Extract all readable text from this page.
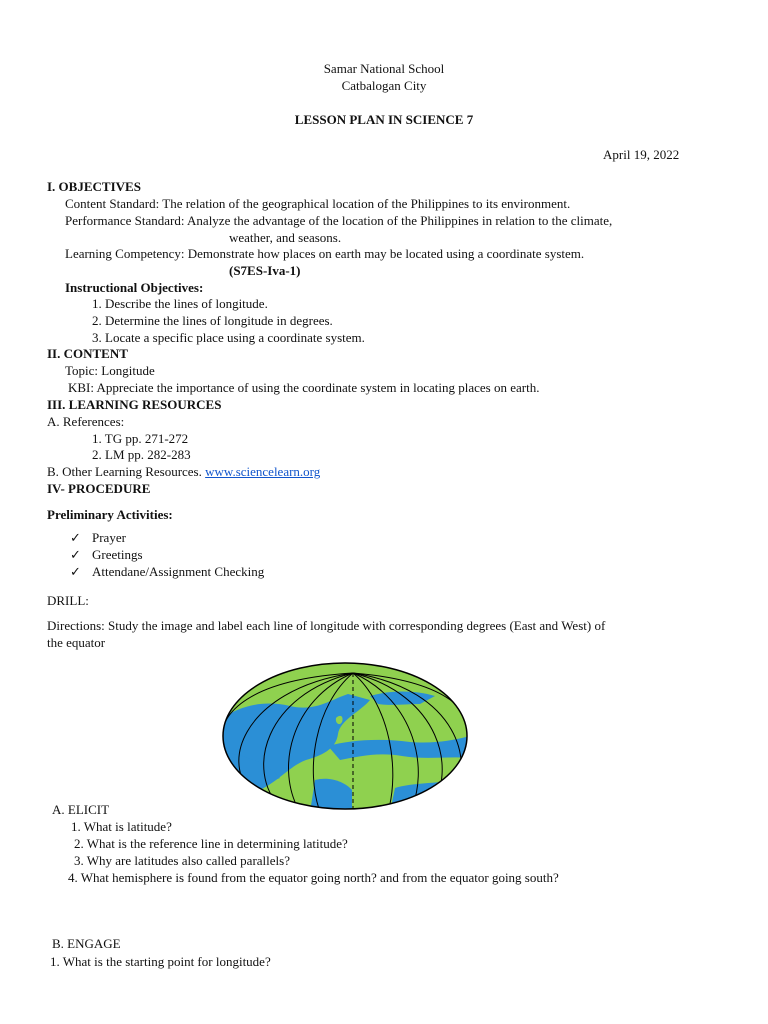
Samar National School
Catbalogan City
LESSON PLAN IN SCIENCE 7
April 19, 2022
I. OBJECTIVES
Content Standard: The relation of the geographical location of the Philippines to its environment.
Performance Standard: Analyze the advantage of the location of the Philippines in relation to the climate,
weather, and seasons.
Learning Competency: Demonstrate how places on earth may be located using a coordinate system.
(S7ES-Iva-1)
Instructional Objectives:
1. Describe the lines of longitude.
2. Determine the lines of longitude in degrees.
3. Locate a specific place using a coordinate system.
II. CONTENT
Topic: Longitude
KBI: Appreciate the importance of using the coordinate system in locating places on earth.
III. LEARNING RESOURCES
A. References:
1. TG pp. 271-272
2. LM pp. 282-283
B. Other Learning Resources. www.sciencelearn.org
IV- PROCEDURE
Preliminary Activities:
✓ Prayer
✓ Greetings
✓ Attendane/Assignment Checking
DRILL:
Directions: Study the image and label each line of longitude with corresponding degrees (East and West) of
the equator
A. ELICIT
1. What is latitude?
2. What is the reference line in determining latitude?
3. Why are latitudes also called parallels?
4. What hemisphere is found from the equator going north? and from the equator going south?
B. ENGAGE
1. What is the starting point for longitude?
